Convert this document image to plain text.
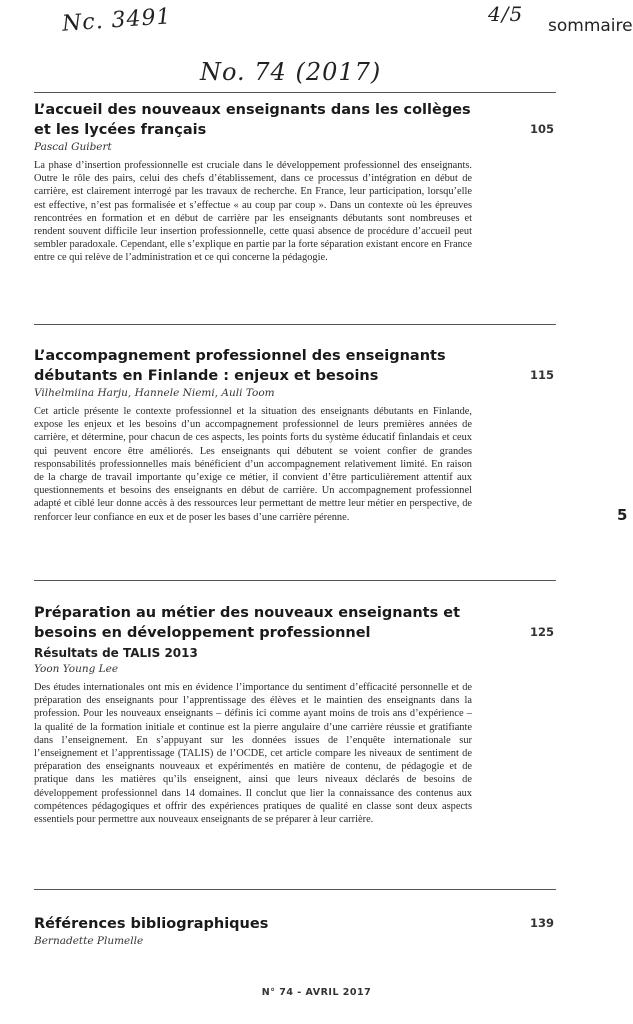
Nc. 3491	4/5
No. 74 (2017)
sommaire
5
L’accueil des nouveaux enseignants dans les collèges et les lycées français	105
Pascal Guibert
La phase d’insertion professionnelle est cruciale dans le développement professionnel des enseignants. Outre le rôle des pairs, celui des chefs d’établissement, dans ce processus d’intégration en début de carrière, est clairement interrogé par les travaux de recherche. En France, leur participation, lorsqu’elle est effective, n’est pas formalisée et s’effectue « au coup par coup ». Dans un contexte où les épreuves rencontrées en formation et en début de carrière par les enseignants débutants sont nombreuses et rendent souvent difficile leur insertion professionnelle, cette quasi absence de procédure d’accueil peut sembler paradoxale. Cependant, elle s’explique en partie par la forte séparation existant encore en France entre ce qui relève de l’administration et ce qui concerne la pédagogie.
L’accompagnement professionnel des enseignants débutants en Finlande : enjeux et besoins	115
Vilhelmiina Harju, Hannele Niemi, Auli Toom
Cet article présente le contexte professionnel et la situation des enseignants débutants en Finlande, expose les enjeux et les besoins d’un accompagnement professionnel de leurs premières années de carrière, et détermine, pour chacun de ces aspects, les points forts du système éducatif finlandais et ceux qui peuvent encore être améliorés. Les enseignants qui débutent se voient confier de grandes responsabilités professionnelles mais bénéficient d’un accompagnement relativement limité. En raison de la charge de travail importante qu’exige ce métier, il convient d’être particulièrement attentif aux questionnements et besoins des enseignants en début de carrière. Un accompagnement professionnel adapté et ciblé leur donne accès à des ressources leur permettant de mettre leur métier en perspective, de renforcer leur confiance en eux et de poser les bases d’une carrière pérenne.
Préparation au métier des nouveaux enseignants et besoins en développement professionnel	125
Résultats de TALIS 2013
Yoon Young Lee
Des études internationales ont mis en évidence l’importance du sentiment d’efficacité personnelle et de préparation des enseignants pour l’apprentissage des élèves et le maintien des enseignants dans la profession. Pour les nouveaux enseignants – définis ici comme ayant moins de trois ans d’expérience – la qualité de la formation initiale et continue est la pierre angulaire d’une carrière réussie et gratifiante dans l’enseignement. En s’appuyant sur les données issues de l’enquête internationale sur l’enseignement et l’apprentissage (TALIS) de l’OCDE, cet article compare les niveaux de sentiment de préparation des enseignants nouveaux et expérimentés en matière de contenu, de pédagogie et de pratique dans les matières qu’ils enseignent, ainsi que leurs niveaux déclarés de besoins de développement professionnel dans 14 domaines. Il conclut que lier la connaissance des contenus aux compétences pédagogiques et offrir des expériences pratiques de qualité en classe sont deux aspects essentiels pour permettre aux nouveaux enseignants de se préparer à leur carrière.
Références bibliographiques	139
Bernadette Plumelle
N° 74 - AVRIL 2017
